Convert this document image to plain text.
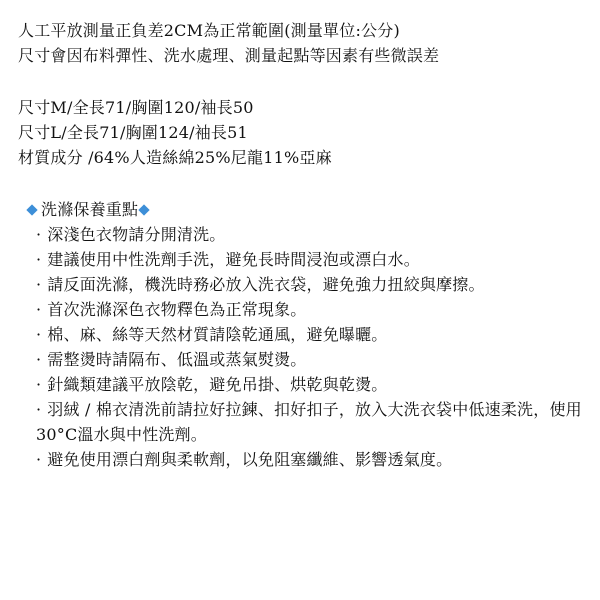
人工平放測量正負差2CM為正常範圍(測量單位:公分)
尺寸會因布料彈性、洗水處理、測量起點等因素有些微誤差
尺寸M/全長71/胸圍120/袖長50
尺寸L/全長71/胸圍124/袖長51
材質成分 /64%人造絲綿25%尼龍11%亞麻
洗滌保養重點
· 深淺色衣物請分開清洗。
· 建議使用中性洗劑手洗，避免長時間浸泡或漂白水。
· 請反面洗滌，機洗時務必放入洗衣袋，避免強力扭絞與摩擦。
· 首次洗滌深色衣物釋色為正常現象。
· 棉、麻、絲等天然材質請陰乾通風，避免曝曬。
· 需整燙時請隔布、低溫或蒸氣熨燙。
· 針織類建議平放陰乾，避免吊掛、烘乾與乾燙。
· 羽絨 / 棉衣清洗前請拉好拉鍊、扣好扣子，放入大洗衣袋中低速柔洗，使用30°C溫水與中性洗劑。
· 避免使用漂白劑與柔軟劑，以免阻塞纖維、影響透氣度。
